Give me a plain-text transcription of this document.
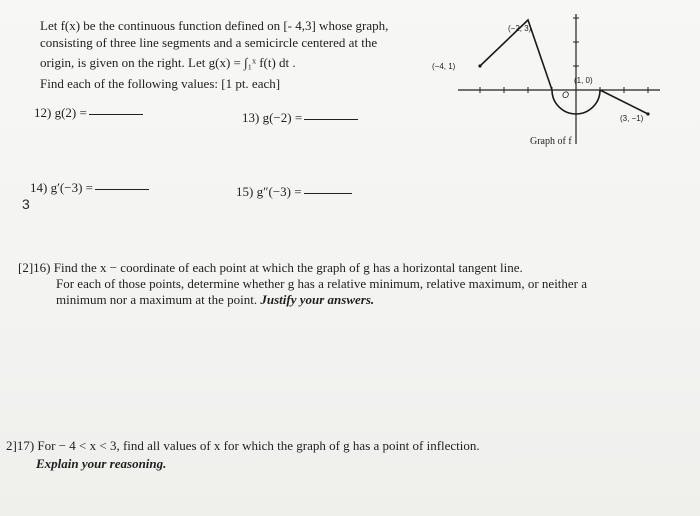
Let f(x) be the continuous function defined on [- 4,3] whose graph,
consisting of three line segments and a semicircle centered at the
origin, is given on the right. Let g(x) = ∫₁ˣ f(t) dt .
Find each of the following values: [1 pt. each]
12) g(2) =	13) g(−2) =
14) g′(−3) =
3
15) g″(−3) =
[2]16) Find the x − coordinate of each point at which the graph of g has a horizontal tangent line.
For each of those points, determine whether g has a relative minimum, relative maximum, or neither a
minimum nor a maximum at the point. Justify your answers.
2]17) For − 4 < x < 3, find all values of x for which the graph of g has a point of inflection.
Explain your reasoning.
(−2, 3)
(−4, 1)
(1, 0)
(3, −1)
O
Graph of f
